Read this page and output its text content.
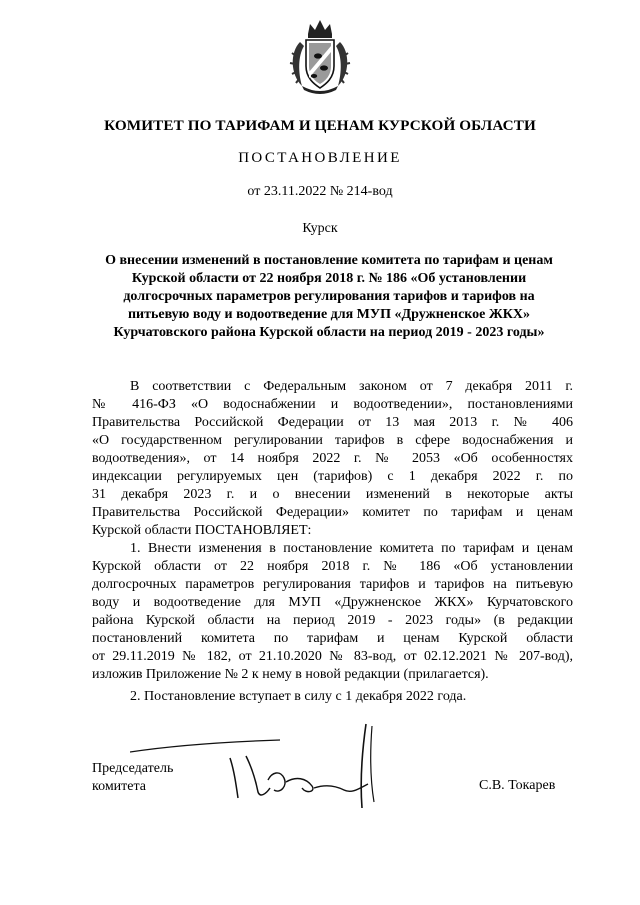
КОМИТЕТ ПО ТАРИФАМ И ЦЕНАМ КУРСКОЙ ОБЛАСТИ
ПОСТАНОВЛЕНИЕ
от 23.11.2022 № 214-вод
Курск
О внесении изменений в постановление комитета по тарифам и ценам
Курской области от 22 ноября 2018 г. № 186 «Об установлении
долгосрочных параметров регулирования тарифов и тарифов на
питьевую воду и водоотведение для МУП «Дружненское ЖКХ»
Курчатовского района Курской области на период 2019 - 2023 годы»
В соответствии с Федеральным законом от 7 декабря 2011 г.
№ 416-ФЗ «О водоснабжении и водоотведении», постановлениями
Правительства Российской Федерации от 13 мая 2013 г. № 406
«О государственном регулировании тарифов в сфере водоснабжения и
водоотведения», от 14 ноября 2022 г. № 2053 «Об особенностях
индексации регулируемых цен (тарифов) с 1 декабря 2022 г. по
31 декабря 2023 г. и о внесении изменений в некоторые акты
Правительства Российской Федерации» комитет по тарифам и ценам
Курской области ПОСТАНОВЛЯЕТ:
1. Внести изменения в постановление комитета по тарифам и ценам
Курской области от 22 ноября 2018 г. № 186 «Об установлении
долгосрочных параметров регулирования тарифов и тарифов на питьевую
воду и водоотведение для МУП «Дружненское ЖКХ» Курчатовского
района Курской области на период 2019 - 2023 годы» (в редакции
постановлений комитета по тарифам и ценам Курской области
от 29.11.2019 № 182, от 21.10.2020 № 83-вод, от 02.12.2021 № 207-вод),
изложив Приложение № 2 к нему в новой редакции (прилагается).
2. Постановление вступает в силу с 1 декабря 2022 года.
Председатель
комитета	С.В. Токарев
